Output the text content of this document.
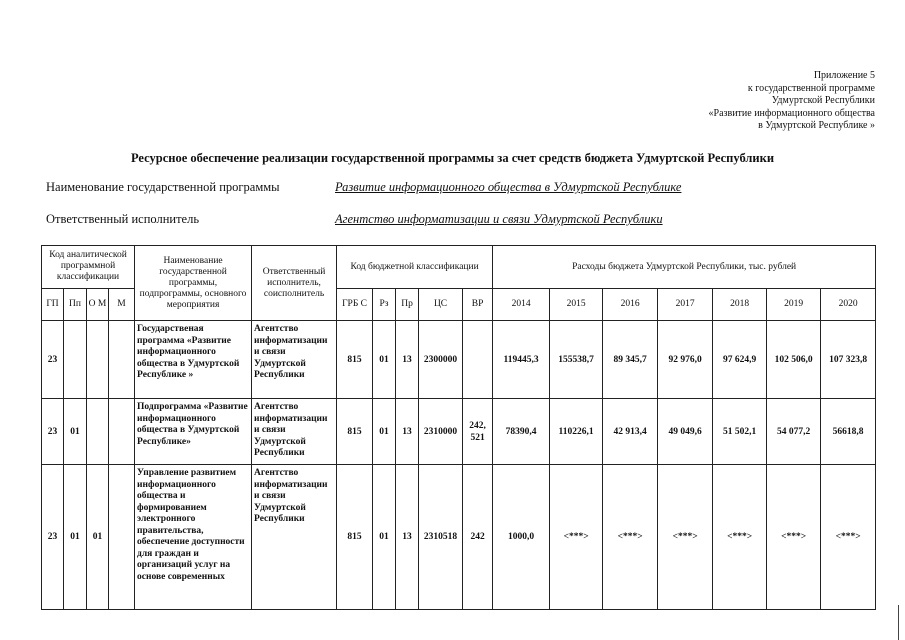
Приложение 5
к государственной программе
Удмуртской Республики
«Развитие информационного общества
в Удмуртской Республике »
Ресурсное обеспечение реализации государственной программы за счет средств бюджета Удмуртской Республики
Наименование государственной программы	Развитие информационного общества в Удмуртской Республике
Ответственный исполнитель	Агентство информатизации и связи Удмуртской Республики
Код аналитической программной классификации				Наименование государственной программы, подпрограммы, основного мероприятия	Ответственный исполнитель, соисполнитель	Код бюджетной классификации					Расходы бюджета Удмуртской Республики, тыс. рублей						
ГП	Пп	О М	М			ГРБ С	Рз	Пр	ЦС	ВР	2014	2015	2016	2017	2018	2019	2020
23				Государственая программа «Развитие информационного общества в Удмуртской Республике »	Агентство информатизации и связи Удмуртской Республики	815	01	13	2300000		119445,3	155538,7	89 345,7	92 976,0	97 624,9	102 506,0	107 323,8
23	01			Подпрограмма «Развитие информационного общества в Удмуртской Республике»	Агентство информатизации и связи Удмуртской Республики	815	01	13	2310000	242, 521	78390,4	110226,1	42 913,4	49 049,6	51 502,1	54 077,2	56618,8
23	01	01		Управление развитием информационного общества и формированием электронного правительства, обеспечение доступности для граждан и организаций услуг на основе современных	Агентство информатизации и связи Удмуртской Республики	815	01	13	2310518	242	1000,0	<***>	<***>	<***>	<***>	<***>	<***>
